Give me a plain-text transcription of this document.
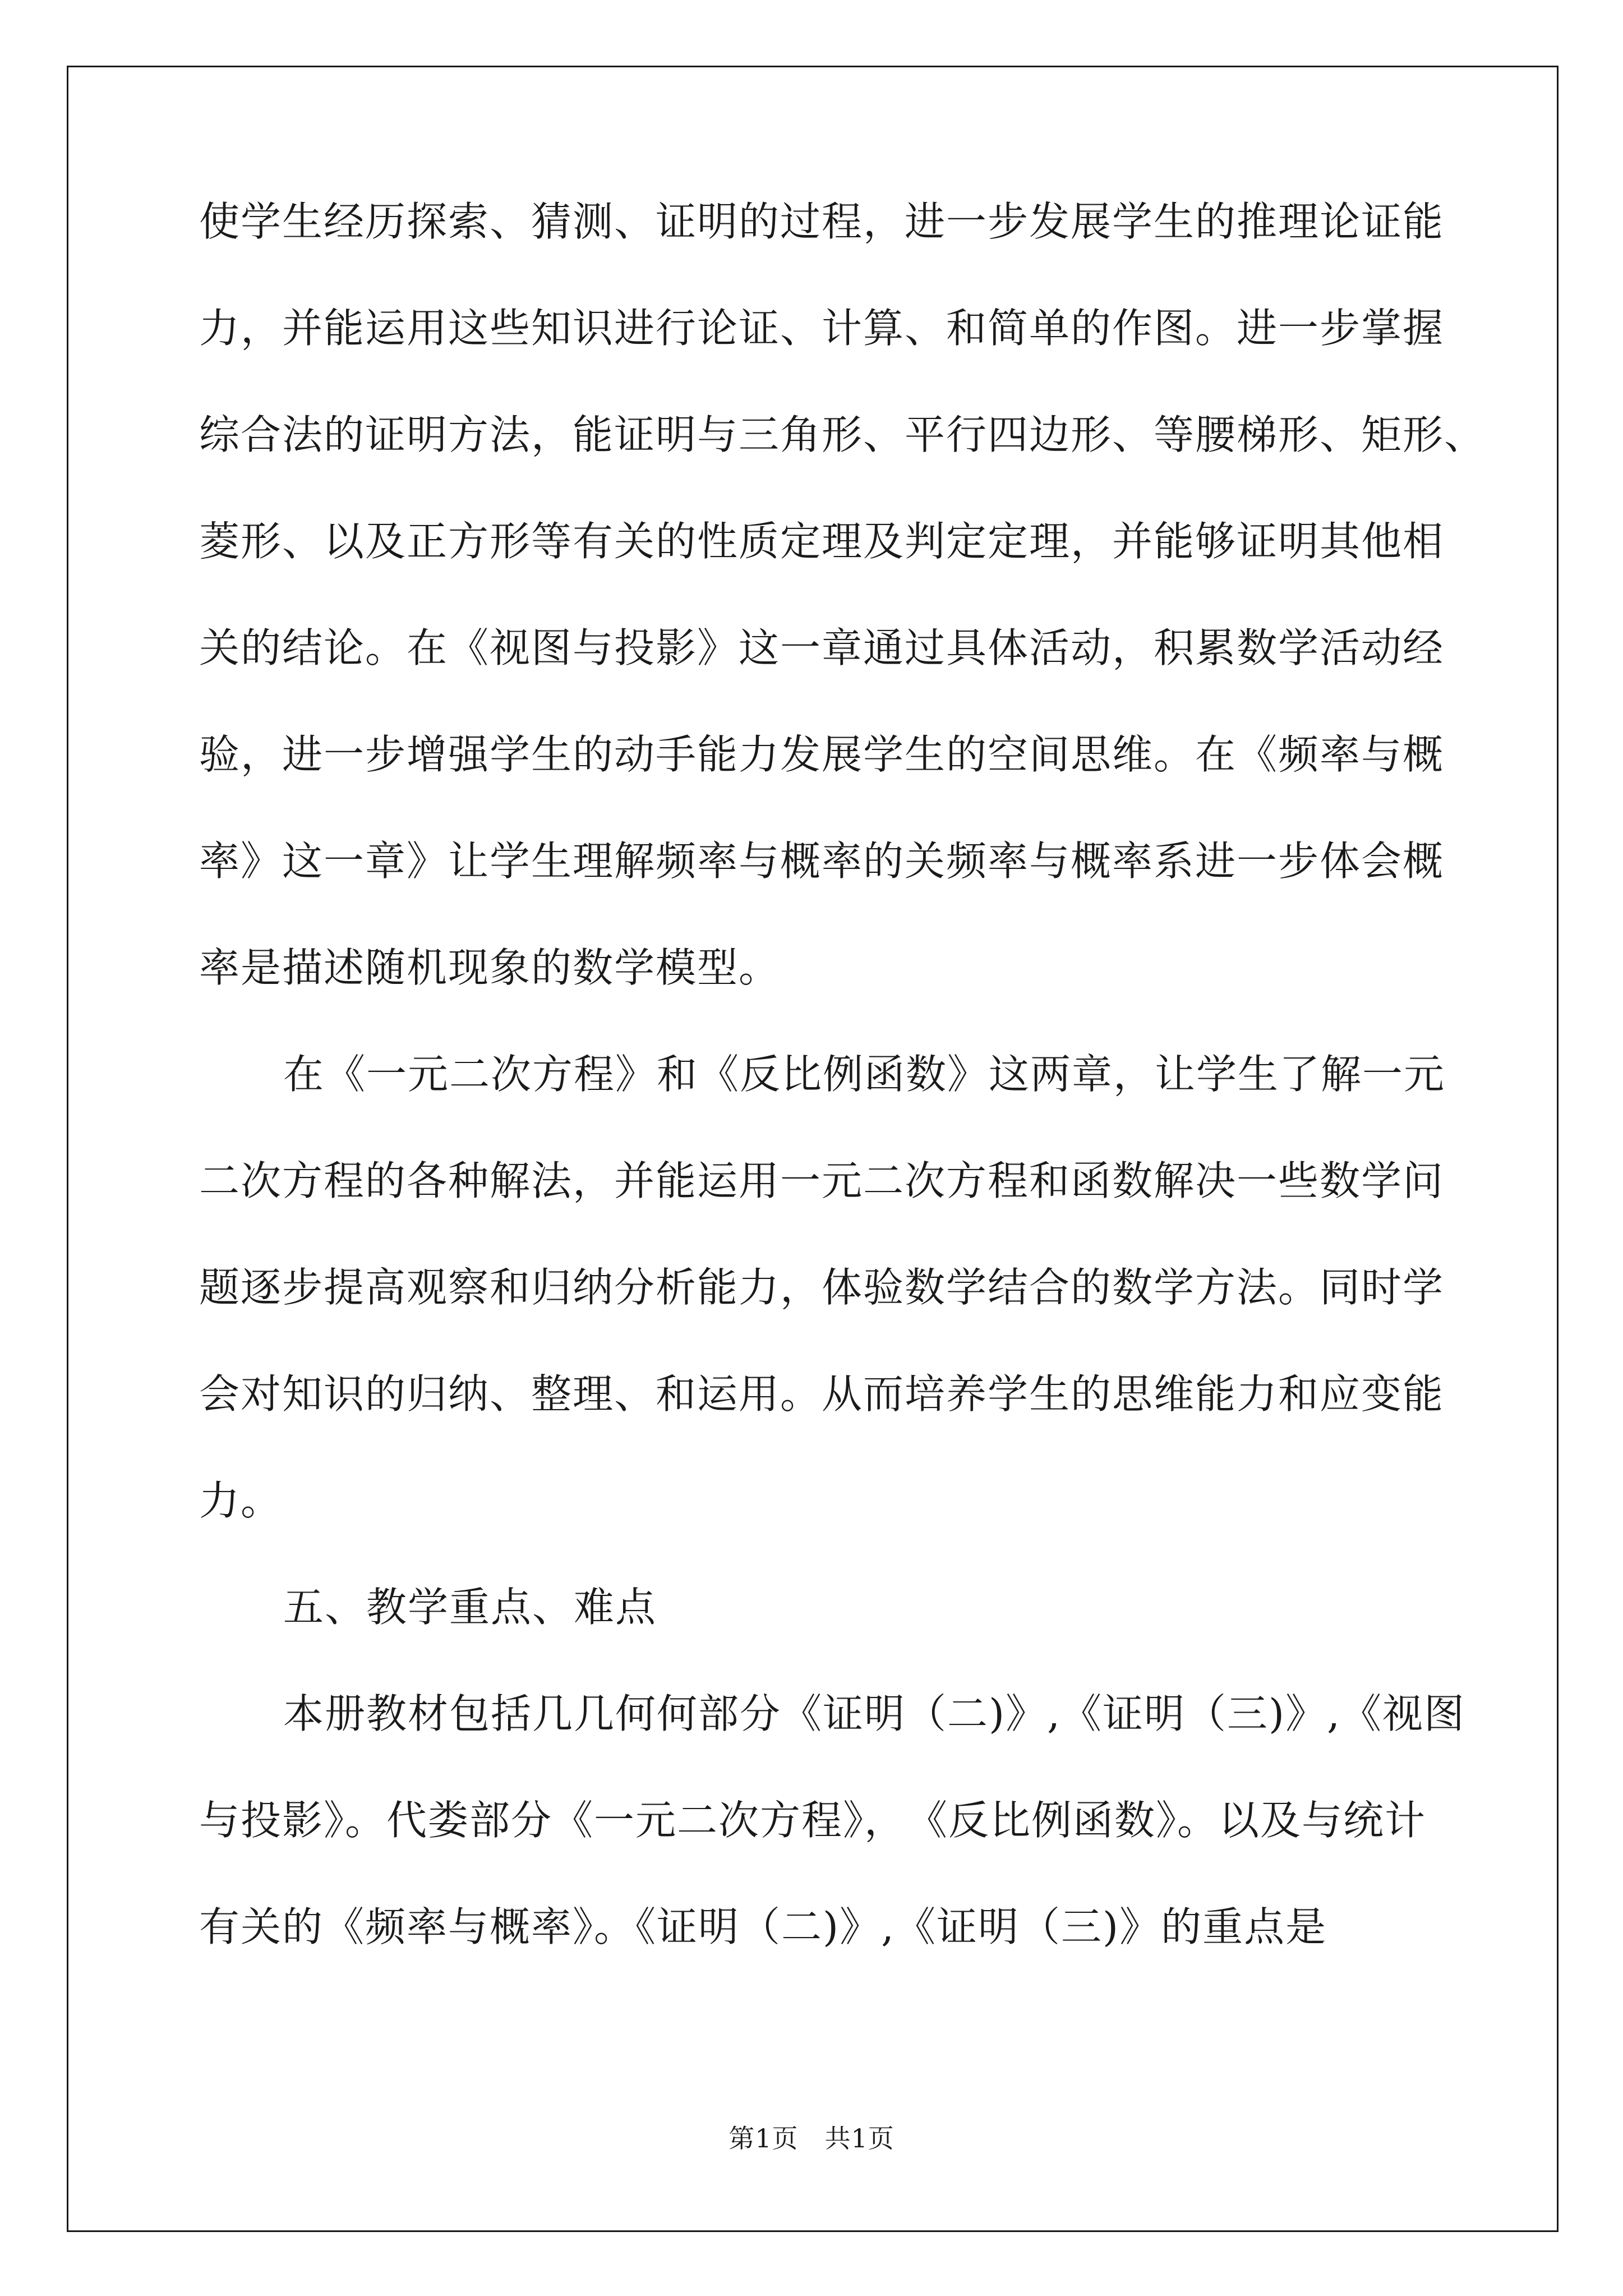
使学生经历探索、猜测、证明的过程，进一步发展学生的推理论证能
力，并能运用这些知识进行论证、计算、和简单的作图。进一步掌握
综合法的证明方法，能证明与三角形、平行四边形、等腰梯形、矩形、
菱形、以及正方形等有关的性质定理及判定定理，并能够证明其他相
关的结论。在《视图与投影》这一章通过具体活动，积累数学活动经
验，进一步增强学生的动手能力发展学生的空间思维。在《频率与概
率》这一章》让学生理解频率与概率的关频率与概率系进一步体会概
率是描述随机现象的数学模型。
在《一元二次方程》和《反比例函数》这两章，让学生了解一元
二次方程的各种解法，并能运用一元二次方程和函数解决一些数学问
题逐步提高观察和归纳分析能力，体验数学结合的数学方法。同时学
会对知识的归纳、整理、和运用。从而培养学生的思维能力和应变能
力。
五、教学重点、难点
本册教材包括几几何何部分《证明（二)》,《证明（三)》,《视图
与投影》。代娄部分《一元二次方程》，　《反比例函数》。以及与统计
有关的《频率与概率》。《证明（二)》,《证明（三)》的重点是
第1页　共1页
